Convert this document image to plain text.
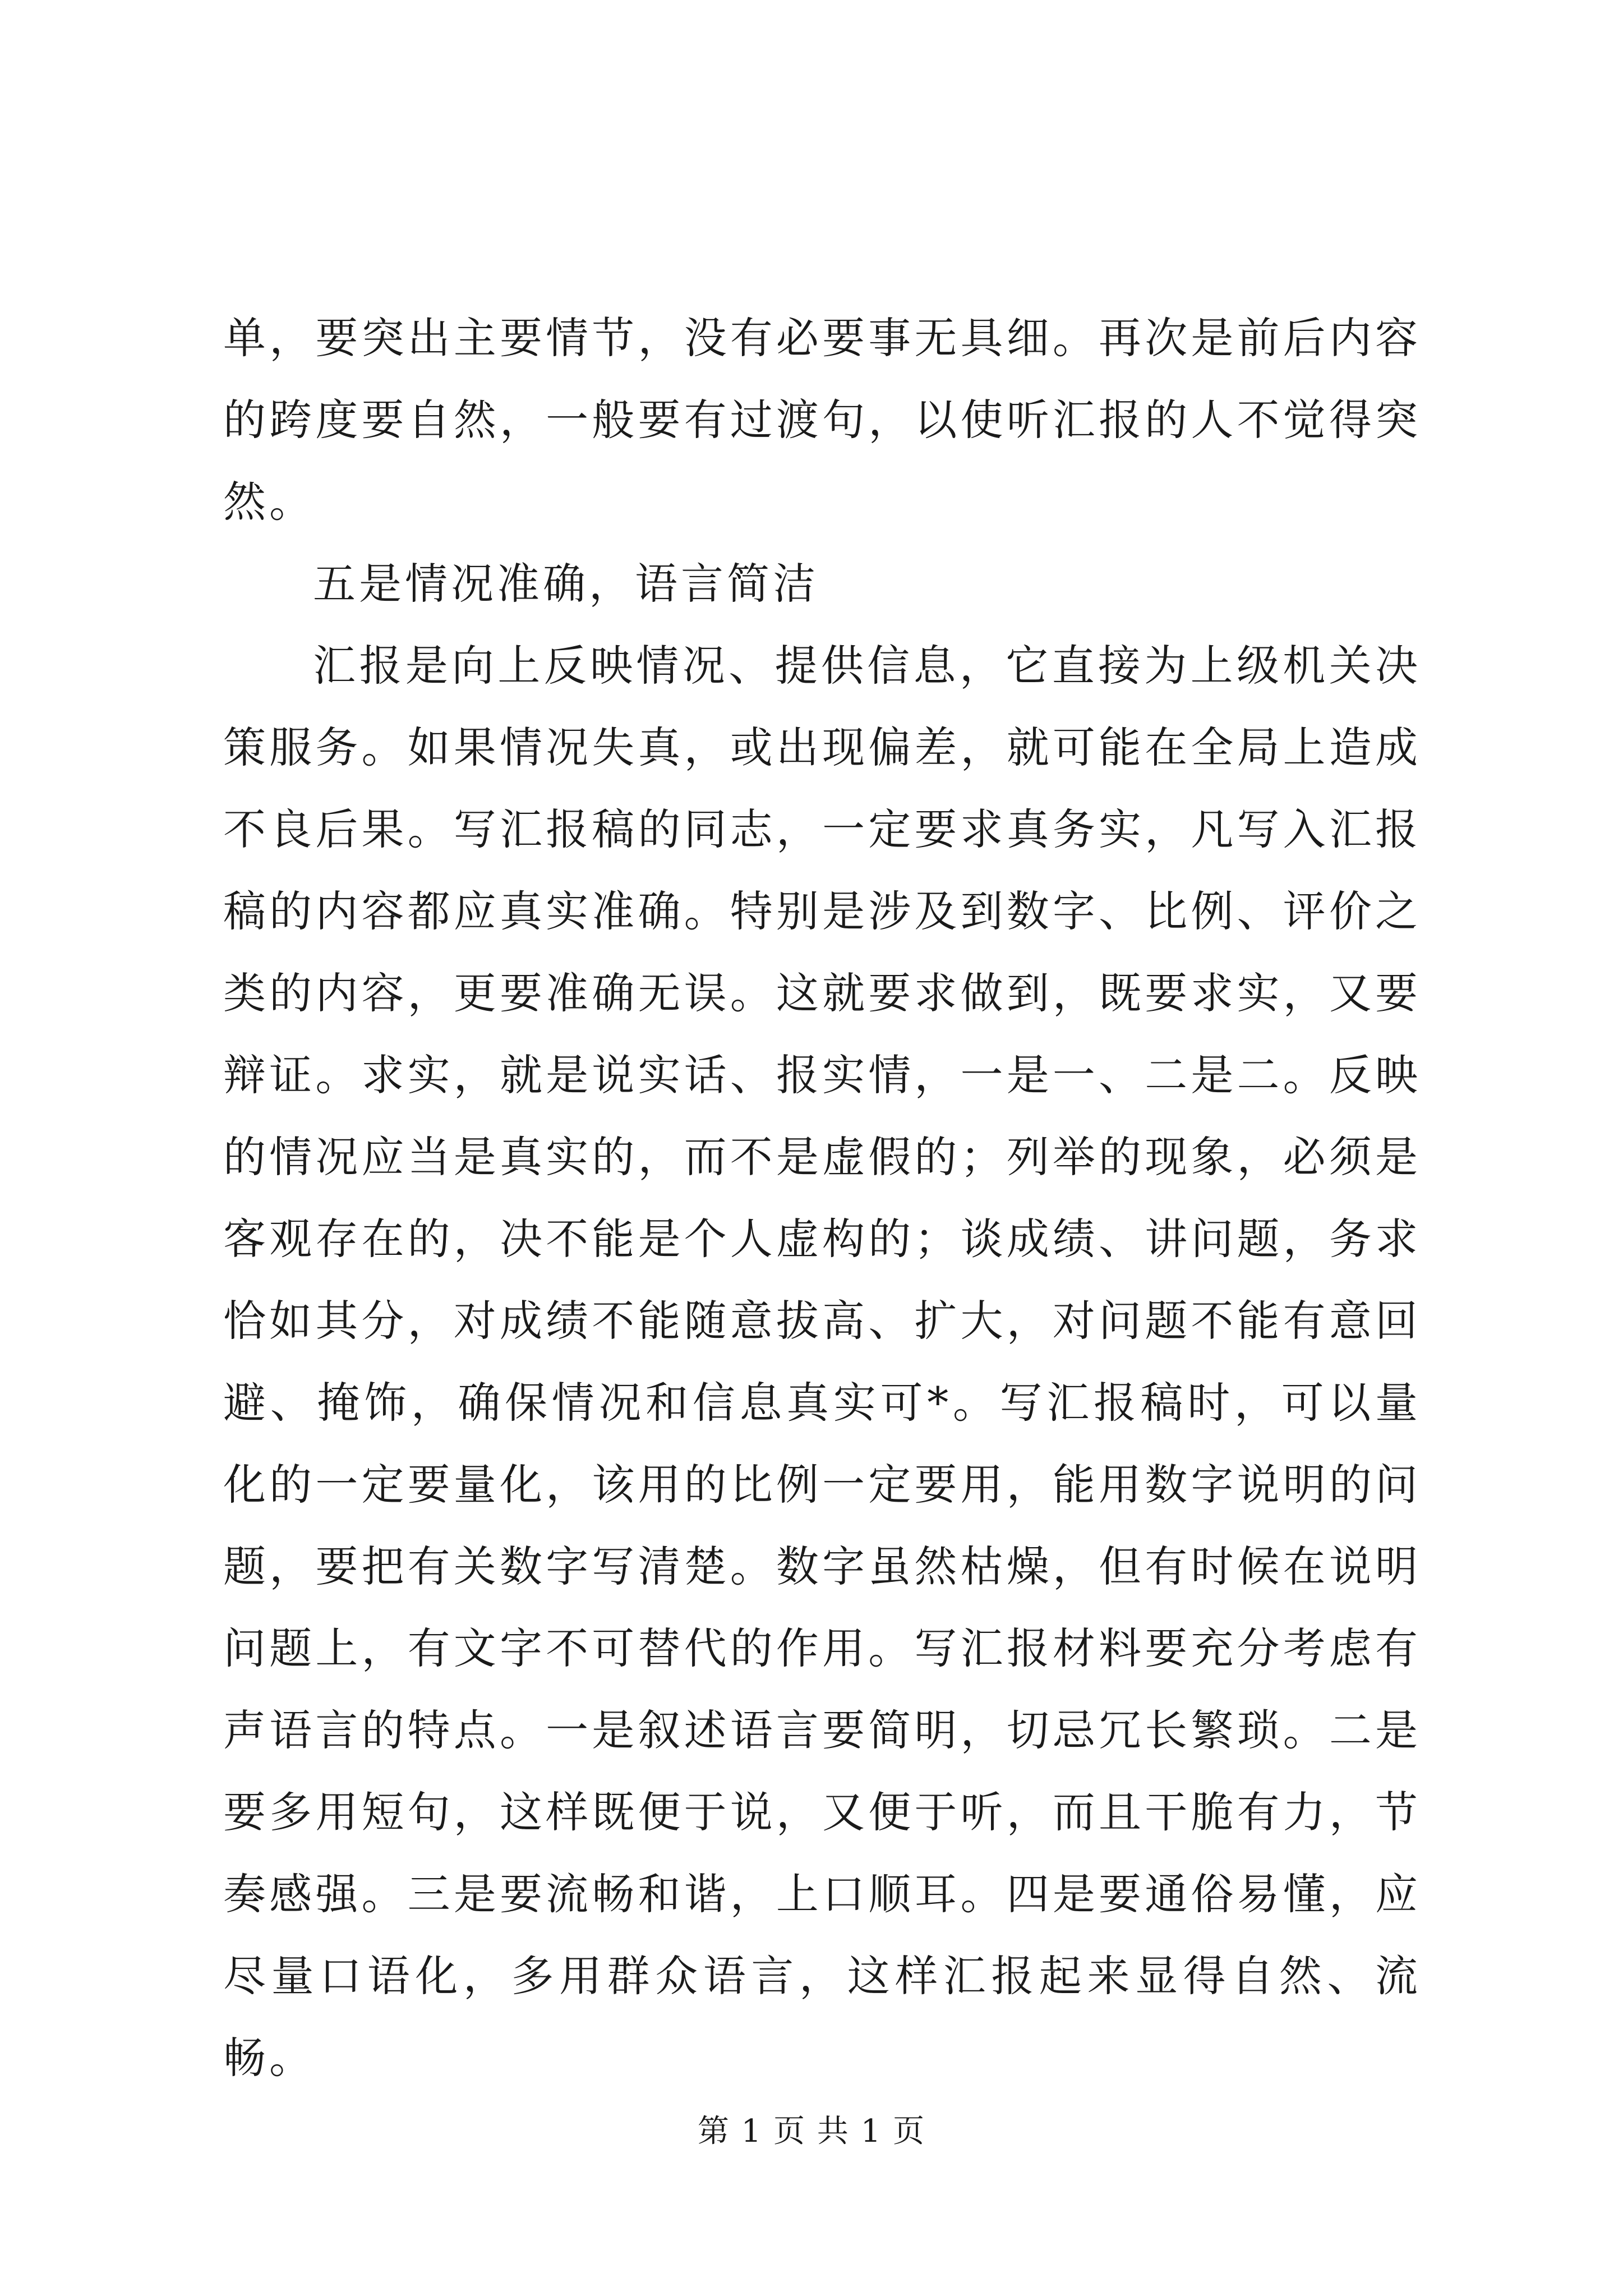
单，要突出主要情节，没有必要事无具细。再次是前后内容的跨度要自然，一般要有过渡句，以使听汇报的人不觉得突然。

五是情况准确，语言简洁

汇报是向上反映情况、提供信息，它直接为上级机关决策服务。如果情况失真，或出现偏差，就可能在全局上造成不良后果。写汇报稿的同志，一定要求真务实，凡写入汇报稿的内容都应真实准确。特别是涉及到数字、比例、评价之类的内容，更要准确无误。这就要求做到，既要求实，又要辩证。求实，就是说实话、报实情，一是一、二是二。反映的情况应当是真实的，而不是虚假的；列举的现象，必须是客观存在的，决不能是个人虚构的；谈成绩、讲问题，务求恰如其分，对成绩不能随意拔高、扩大，对问题不能有意回避、掩饰，确保情况和信息真实可*。写汇报稿时，可以量化的一定要量化，该用的比例一定要用，能用数字说明的问题，要把有关数字写清楚。数字虽然枯燥，但有时候在说明问题上，有文字不可替代的作用。写汇报材料要充分考虑有声语言的特点。一是叙述语言要简明，切忌冗长繁琐。二是要多用短句，这样既便于说，又便于听，而且干脆有力，节奏感强。三是要流畅和谐，上口顺耳。四是要通俗易懂，应尽量口语化，多用群众语言，这样汇报起来显得自然、流畅。

第 1 页 共 1 页
